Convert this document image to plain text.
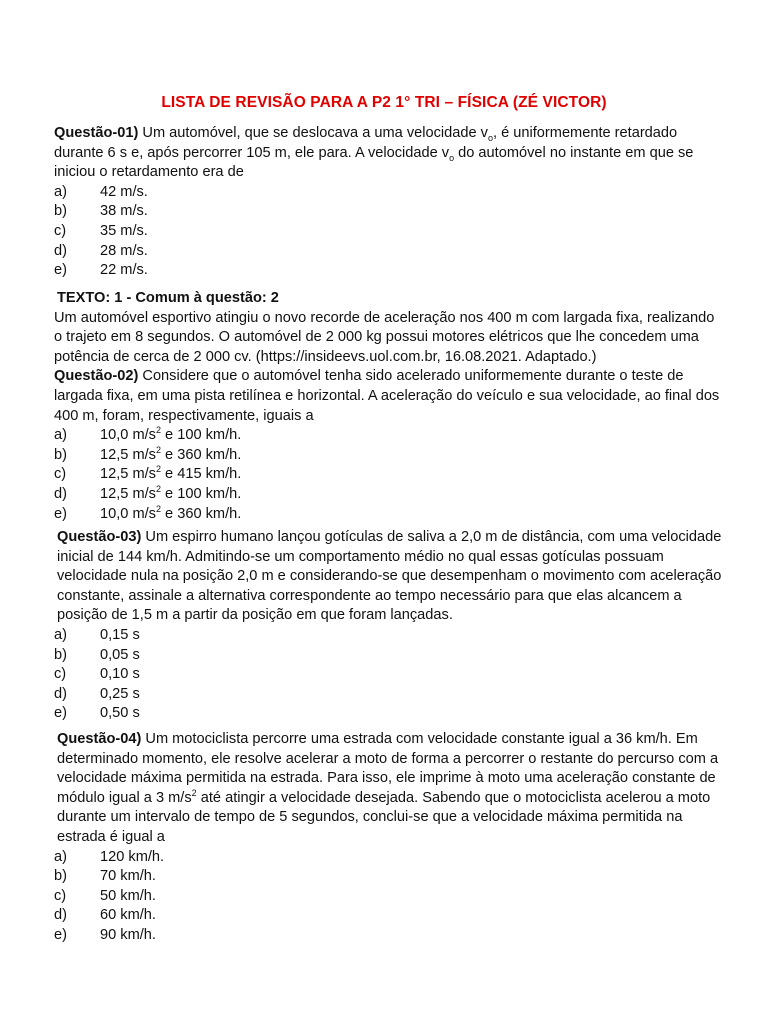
LISTA DE REVISÃO PARA A P2 1° TRI – FÍSICA (ZÉ VICTOR)

Questão-01) Um automóvel, que se deslocava a uma velocidade $v_o$, é uniformemente retardado durante 6 s e, após percorrer 105 m, ele para. A velocidade $v_o$ do automóvel no instante em que se iniciou o retardamento era de

a)	42 m/s.
b)	38 m/s.
c)	35 m/s.
d)	28 m/s.
e)	22 m/s.

TEXTO: 1 - Comum à questão: 2

Um automóvel esportivo atingiu o novo recorde de aceleração nos 400 m com largada fixa, realizando o trajeto em 8 segundos. O automóvel de 2 000 kg possui motores elétricos que lhe concedem uma potência de cerca de 2 000 cv. (https://insideevs.uol.com.br, 16.08.2021. Adaptado.)

Questão-02) Considere que o automóvel tenha sido acelerado uniformemente durante o teste de largada fixa, em uma pista retilínea e horizontal. A aceleração do veículo e sua velocidade, ao final dos 400 m, foram, respectivamente, iguais a

a)	10,0 $m/s^2$ e 100 km/h.
b)	12,5 $m/s^2$ e 360 km/h.
c)	12,5 $m/s^2$ e 415 km/h.
d)	12,5 $m/s^2$ e 100 km/h.
e)	10,0 $m/s^2$ e 360 km/h.

Questão-03) Um espirro humano lançou gotículas de saliva a 2,0 m de distância, com uma velocidade inicial de 144 km/h. Admitindo-se um comportamento médio no qual essas gotículas possuam velocidade nula na posição 2,0 m e considerando-se que desempenham o movimento com aceleração constante, assinale a alternativa correspondente ao tempo necessário para que elas alcancem a posição de 1,5 m a partir da posição em que foram lançadas.

a)	0,15 s
b)	0,05 s
c)	0,10 s
d)	0,25 s
e)	0,50 s

Questão-04) Um motociclista percorre uma estrada com velocidade constante igual a 36 km/h. Em determinado momento, ele resolve acelerar a moto de forma a percorrer o restante do percurso com a velocidade máxima permitida na estrada. Para isso, ele imprime à moto uma aceleração constante de módulo igual a 3 $m/s^2$ até atingir a velocidade desejada. Sabendo que o motociclista acelerou a moto durante um intervalo de tempo de 5 segundos, conclui-se que a velocidade máxima permitida na estrada é igual a

a)	120 km/h.
b)	70 km/h.
c)	50 km/h.
d)	60 km/h.
e)	90 km/h.
